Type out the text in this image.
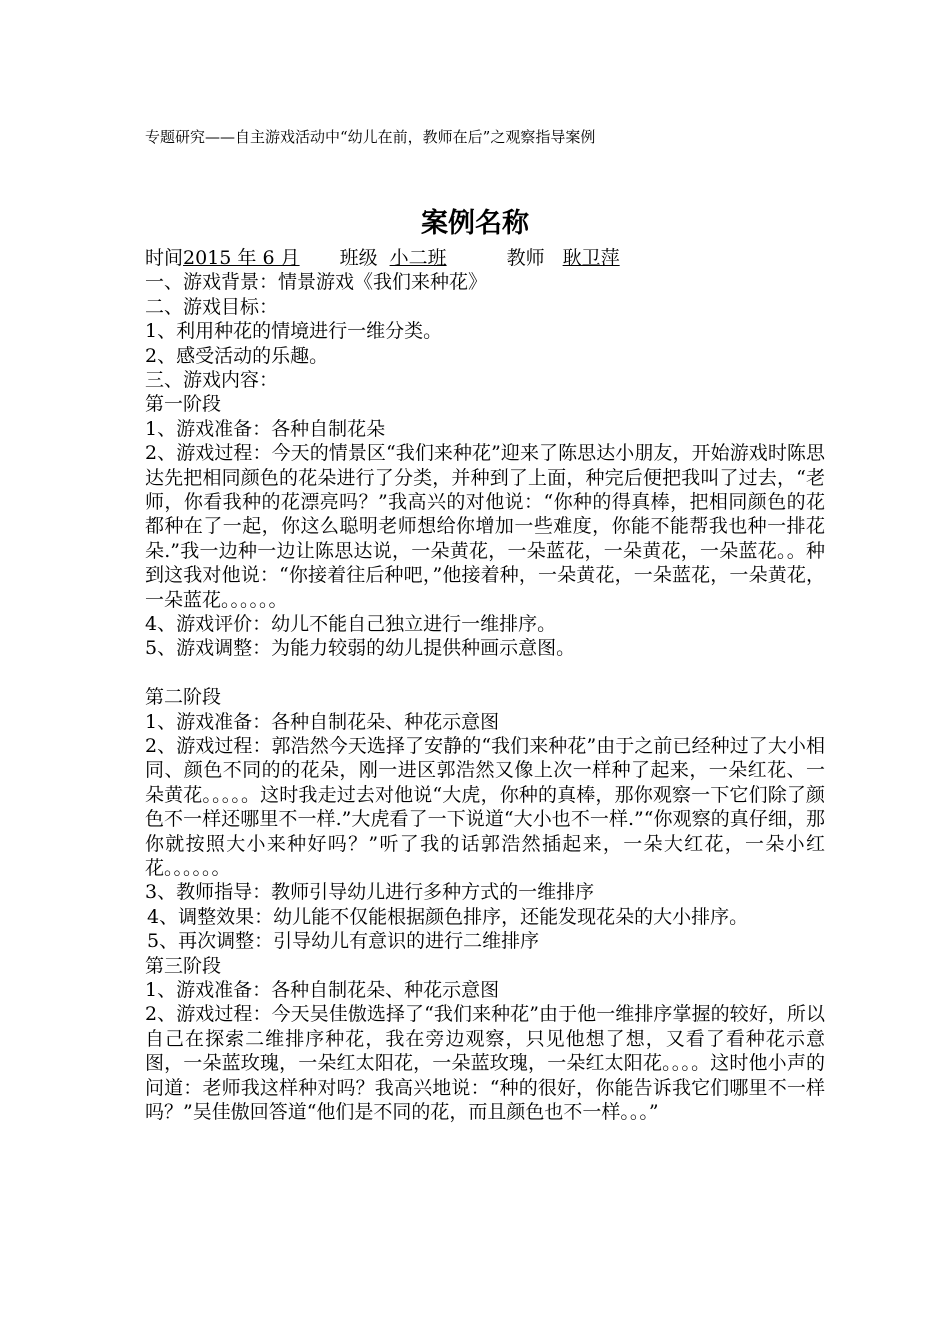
专题研究——自主游戏活动中“幼儿在前，教师在后”之观察指导案例
案例名称
时间2015 年 6 月 班级 小二班	教师 耿卫萍
一、游戏背景：情景游戏《我们来种花》
二、游戏目标：
1、利用种花的情境进行一维分类。
2、感受活动的乐趣。
三、游戏内容：
第一阶段
1、游戏准备：各种自制花朵
2、游戏过程：今天的情景区“我们来种花”迎来了陈思达小朋友，开始游戏时陈思达先把相同颜色的花朵进行了分类，并种到了上面，种完后便把我叫了过去，“老师，你看我种的花漂亮吗？”我高兴的对他说：“你种的得真棒，把相同颜色的花都种在了一起，你这么聪明老师想给你增加一些难度，你能不能帮我也种一排花朵.”我一边种一边让陈思达说，一朵黄花，一朵蓝花，一朵黄花，一朵蓝花。。种到这我对他说：“你接着往后种吧，”他接着种，一朵黄花，一朵蓝花，一朵黄花，一朵蓝花。。。。。。
4、游戏评价：幼儿不能自己独立进行一维排序。
5、游戏调整：为能力较弱的幼儿提供种画示意图。
第二阶段
1、游戏准备：各种自制花朵、种花示意图
2、游戏过程：郭浩然今天选择了安静的“我们来种花”由于之前已经种过了大小相同、颜色不同的的花朵，刚一进区郭浩然又像上次一样种了起来，一朵红花、一朵黄花。。。。。这时我走过去对他说“大虎，你种的真棒，那你观察一下它们除了颜色不一样还哪里不一样.”大虎看了一下说道“大小也不一样.”“你观察的真仔细，那你就按照大小来种好吗？”听了我的话郭浩然插起来，一朵大红花，一朵小红花。。。。。。
3、教师指导：教师引导幼儿进行多种方式的一维排序
4、调整效果：幼儿能不仅能根据颜色排序，还能发现花朵的大小排序。
5、再次调整：引导幼儿有意识的进行二维排序
第三阶段
1、游戏准备：各种自制花朵、种花示意图
2、游戏过程：今天吴佳傲选择了“我们来种花”由于他一维排序掌握的较好，所以自己在探索二维排序种花，我在旁边观察，只见他想了想，又看了看种花示意图，一朵蓝玫瑰，一朵红太阳花，一朵蓝玫瑰，一朵红太阳花。。。。这时他小声的问道：老师我这样种对吗？我高兴地说：“种的很好，你能告诉我它们哪里不一样吗？”吴佳傲回答道“他们是不同的花，而且颜色也不一样。。。”
